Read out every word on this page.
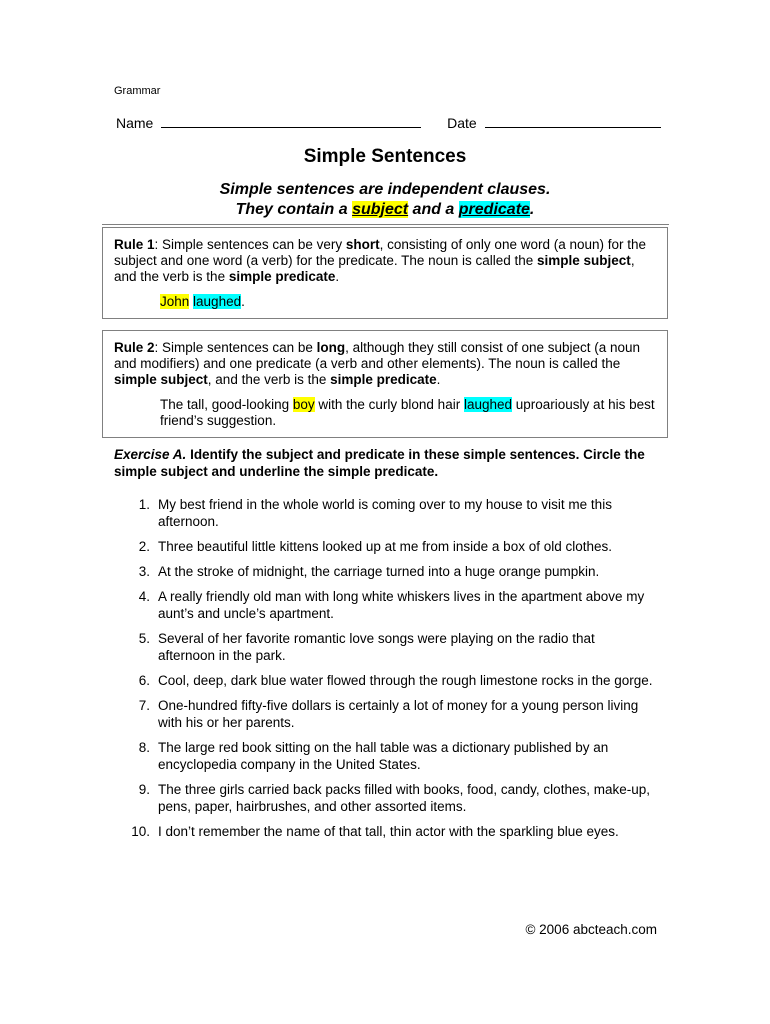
Grammar
Name	Date
Simple Sentences
Simple sentences are independent clauses.
They contain a subject and a predicate.
Rule 1: Simple sentences can be very short, consisting of only one word (a noun) for the subject and one word (a verb) for the predicate. The noun is called the simple subject, and the verb is the simple predicate.
John laughed.
Rule 2: Simple sentences can be long, although they still consist of one subject (a noun and modifiers) and one predicate (a verb and other elements). The noun is called the simple subject, and the verb is the simple predicate.
The tall, good-looking boy with the curly blond hair laughed uproariously at his best friend’s suggestion.
Exercise A. Identify the subject and predicate in these simple sentences. Circle the simple subject and underline the simple predicate.
1. My best friend in the whole world is coming over to my house to visit me this afternoon.
2. Three beautiful little kittens looked up at me from inside a box of old clothes.
3. At the stroke of midnight, the carriage turned into a huge orange pumpkin.
4. A really friendly old man with long white whiskers lives in the apartment above my aunt’s and uncle’s apartment.
5. Several of her favorite romantic love songs were playing on the radio that afternoon in the park.
6. Cool, deep, dark blue water flowed through the rough limestone rocks in the gorge.
7. One-hundred fifty-five dollars is certainly a lot of money for a young person living with his or her parents.
8. The large red book sitting on the hall table was a dictionary published by an encyclopedia company in the United States.
9. The three girls carried back packs filled with books, food, candy, clothes, make-up, pens, paper, hairbrushes, and other assorted items.
10. I don’t remember the name of that tall, thin actor with the sparkling blue eyes.
© 2006 abcteach.com
